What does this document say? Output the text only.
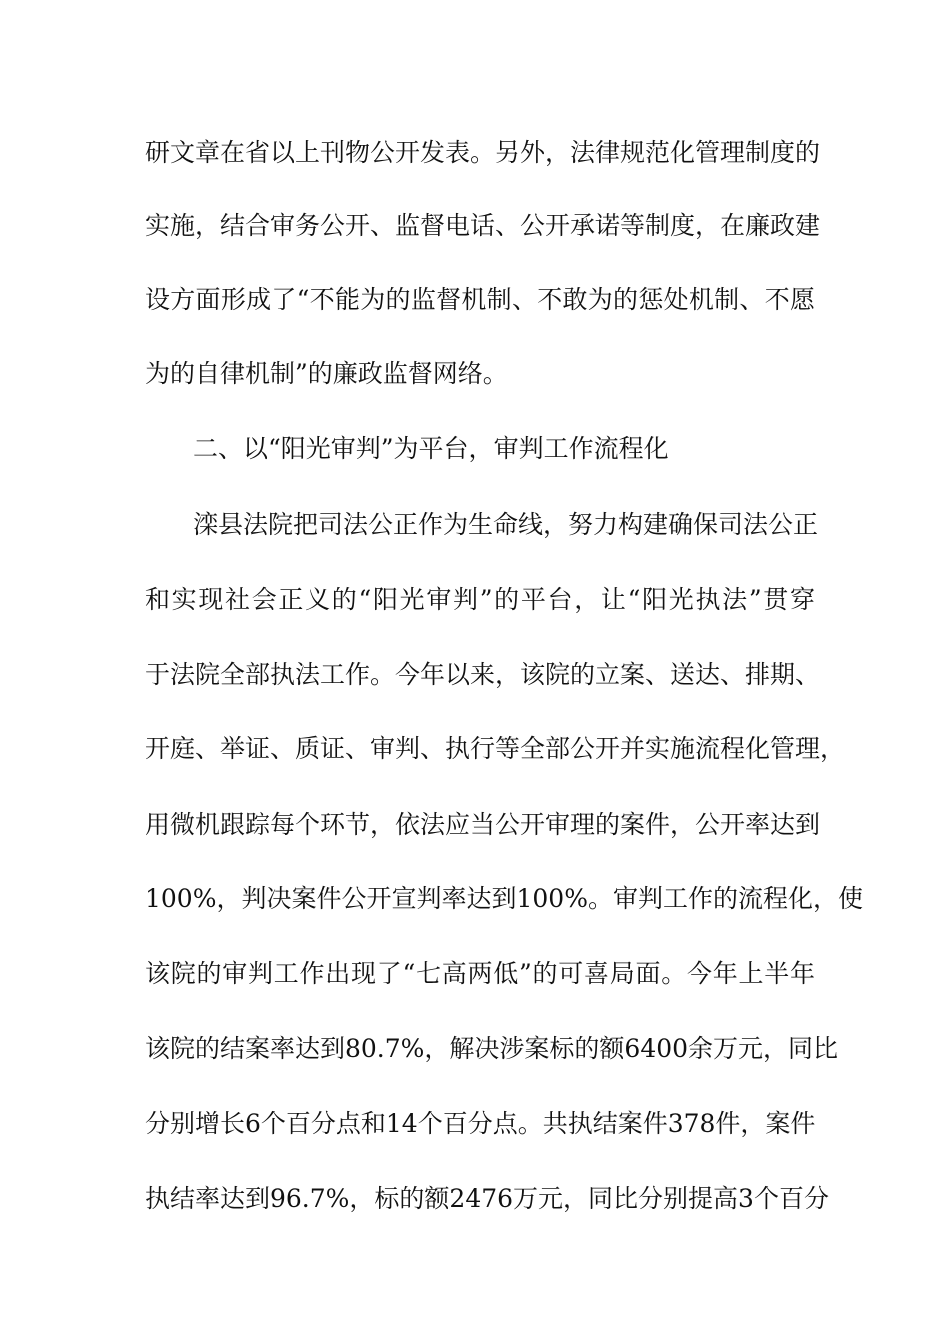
研文章在省以上刊物公开发表。另外，法律规范化管理制度的
实施，结合审务公开、监督电话、公开承诺等制度，在廉政建
设方面形成了“不能为的监督机制、不敢为的惩处机制、不愿
为的自律机制”的廉政监督网络。
二、以“阳光审判”为平台，审判工作流程化
滦县法院把司法公正作为生命线，努力构建确保司法公正
和实现社会正义的“阳光审判”的平台，让“阳光执法”贯穿
于法院全部执法工作。今年以来，该院的立案、送达、排期、
开庭、举证、质证、审判、执行等全部公开并实施流程化管理，
用微机跟踪每个环节，依法应当公开审理的案件，公开率达到
100%，判决案件公开宣判率达到100%。审判工作的流程化，使
该院的审判工作出现了“七高两低”的可喜局面。今年上半年
该院的结案率达到80.7%，解决涉案标的额6400余万元，同比
分别增长6个百分点和14个百分点。共执结案件378件，案件
执结率达到96.7%，标的额2476万元，同比分别提高3个百分
